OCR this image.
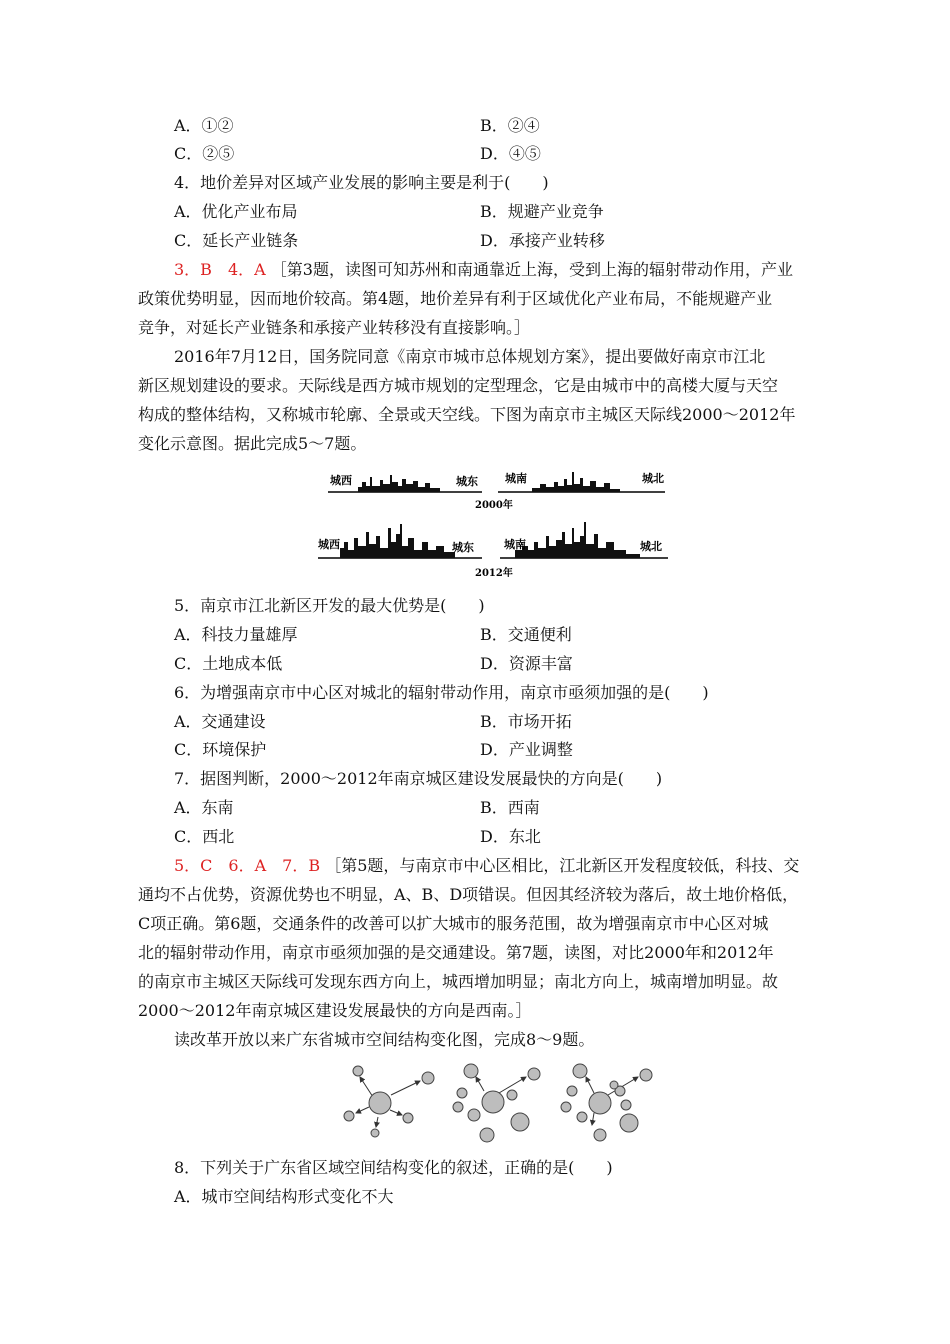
A．①②	B．②④
C．②⑤	D．④⑤
4．地价差异对区域产业发展的影响主要是利于(　　)
A．优化产业布局	B．规避产业竞争
C．延长产业链条	D．承接产业转移
3．B　4．A ［第3题，读图可知苏州和南通靠近上海，受到上海的辐射带动作用，产业
政策优势明显，因而地价较高。第4题，地价差异有利于区域优化产业布局，不能规避产业
竞争，对延长产业链条和承接产业转移没有直接影响。］
2016年7月12日，国务院同意《南京市城市总体规划方案》，提出要做好南京市江北
新区规划建设的要求。天际线是西方城市规划的定型理念，它是由城市中的高楼大厦与天空
构成的整体结构，又称城市轮廓、全景或天空线。下图为南京市主城区天际线2000～2012年
变化示意图。据此完成5～7题。
城西	城东 城南	城北
2000年
城西	城东	城南	城北
2012年
5．南京市江北新区开发的最大优势是(　　)
A．科技力量雄厚	B．交通便利
C．土地成本低	D．资源丰富
6．为增强南京市中心区对城北的辐射带动作用，南京市亟须加强的是(　　)
A．交通建设	B．市场开拓
C．环境保护	D．产业调整
7．据图判断，2000～2012年南京城区建设发展最快的方向是(　　)
A．东南	B．西南
C．西北	D．东北
5．C　6．A　7．B ［第5题，与南京市中心区相比，江北新区开发程度较低，科技、交
通均不占优势，资源优势也不明显，A、B、D项错误。但因其经济较为落后，故土地价格低，
C项正确。第6题，交通条件的改善可以扩大城市的服务范围，故为增强南京市中心区对城
北的辐射带动作用，南京市亟须加强的是交通建设。第7题，读图，对比2000年和2012年
的南京市主城区天际线可发现东西方向上，城西增加明显；南北方向上，城南增加明显。故
2000～2012年南京城区建设发展最快的方向是西南。］
读改革开放以来广东省城市空间结构变化图，完成8～9题。
8．下列关于广东省区域空间结构变化的叙述，正确的是(　　)
A．城市空间结构形式变化不大
